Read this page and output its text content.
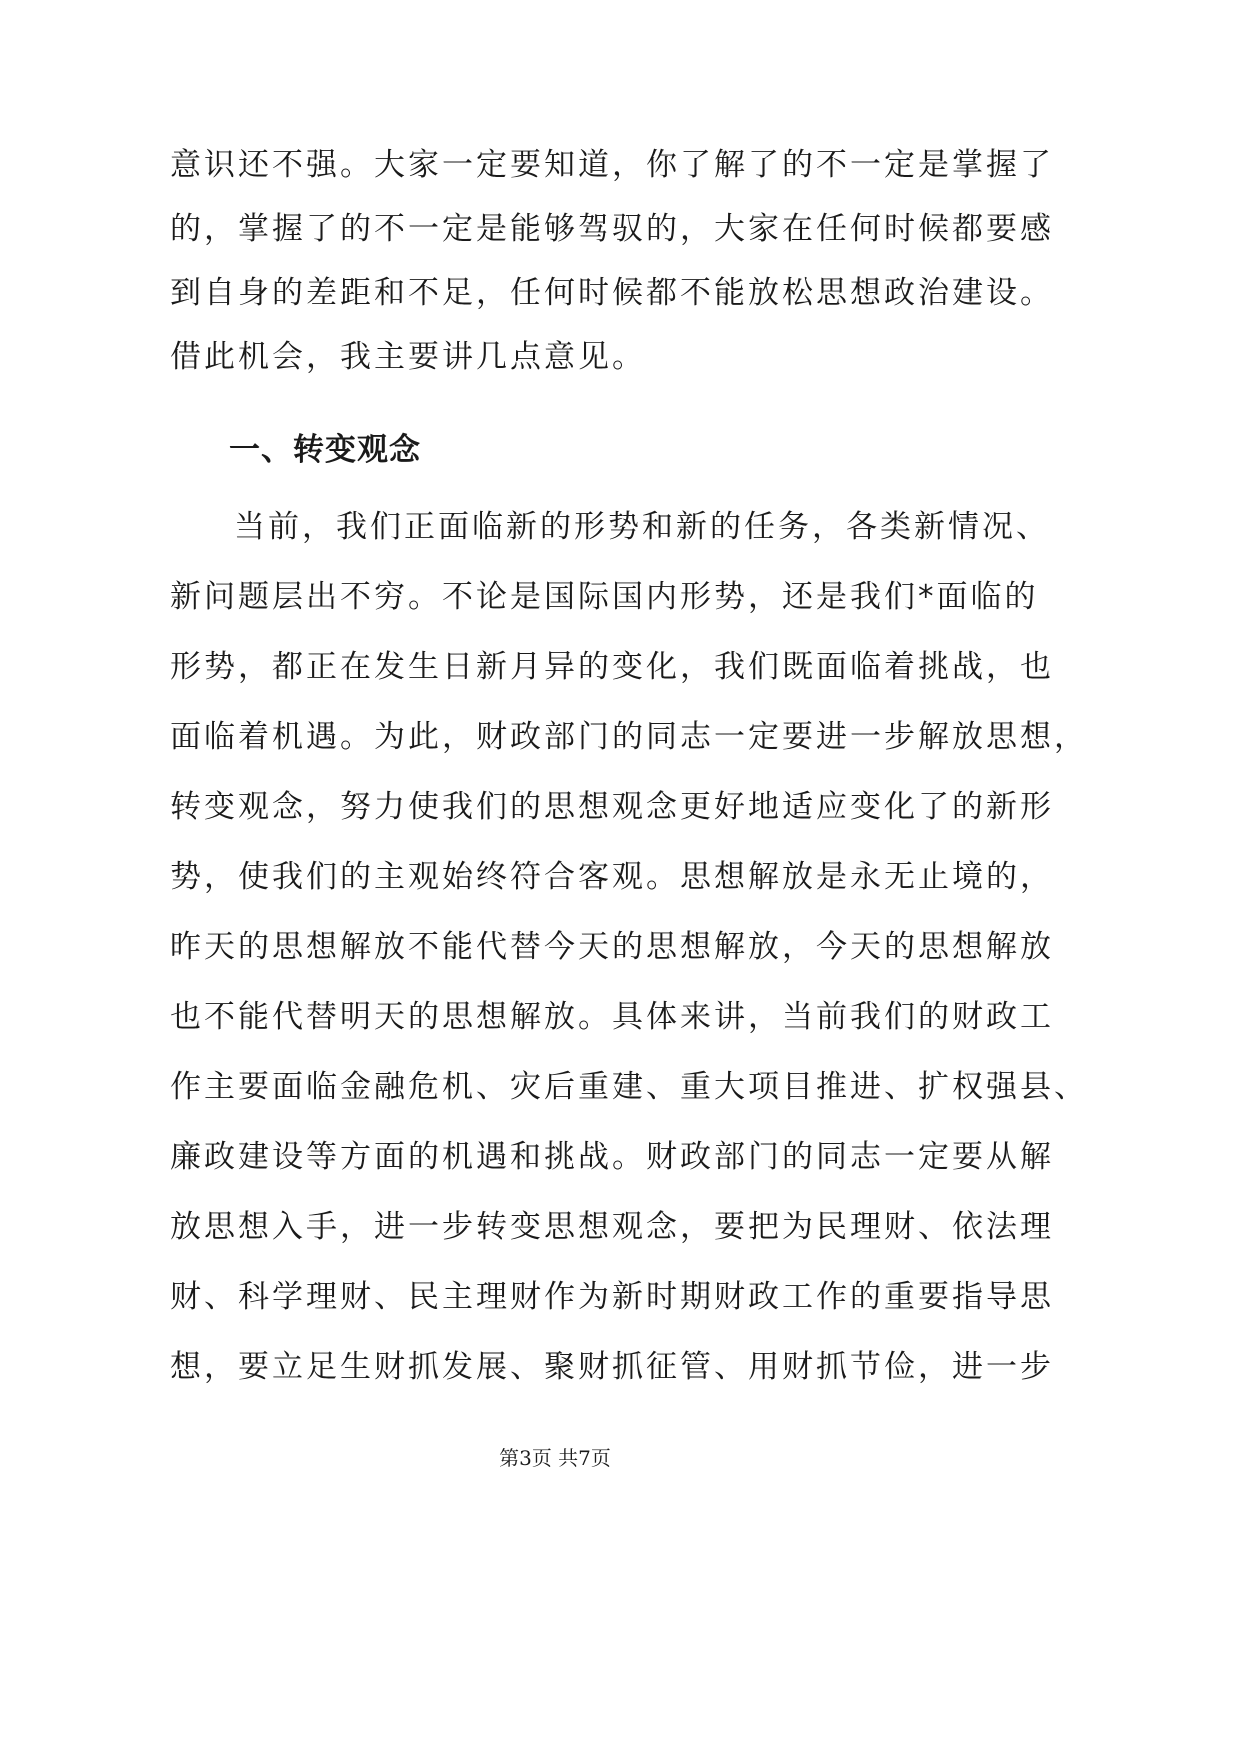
意识还不强。大家一定要知道，你了解了的不一定是掌握了
的，掌握了的不一定是能够驾驭的，大家在任何时候都要感
到自身的差距和不足，任何时候都不能放松思想政治建设。
借此机会，我主要讲几点意见。
一、转变观念
　当前，我们正面临新的形势和新的任务，各类新情况、
新问题层出不穷。不论是国际国内形势，还是我们*面临的
形势，都正在发生日新月异的变化，我们既面临着挑战，也
面临着机遇。为此，财政部门的同志一定要进一步解放思想，
转变观念，努力使我们的思想观念更好地适应变化了的新形
势，使我们的主观始终符合客观。思想解放是永无止境的，
昨天的思想解放不能代替今天的思想解放，今天的思想解放
也不能代替明天的思想解放。具体来讲，当前我们的财政工
作主要面临金融危机、灾后重建、重大项目推进、扩权强县、
廉政建设等方面的机遇和挑战。财政部门的同志一定要从解
放思想入手，进一步转变思想观念，要把为民理财、依法理
财、科学理财、民主理财作为新时期财政工作的重要指导思
想，要立足生财抓发展、聚财抓征管、用财抓节俭，进一步
第3页 共7页
